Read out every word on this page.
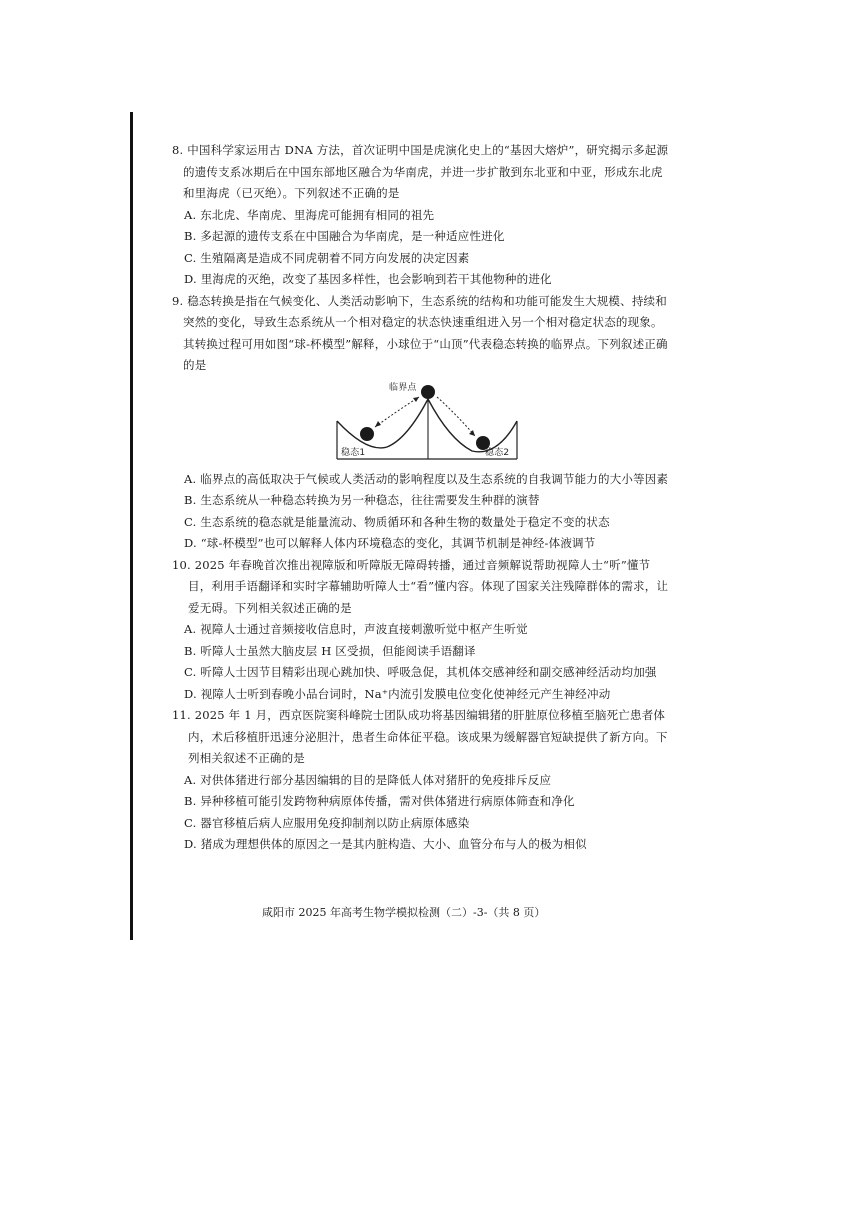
8. 中国科学家运用古 DNA 方法，首次证明中国是虎演化史上的“基因大熔炉”，研究揭示多起源的遗传支系冰期后在中国东部地区融合为华南虎，并进一步扩散到东北亚和中亚，形成东北虎和里海虎（已灭绝）。下列叙述不正确的是
A. 东北虎、华南虎、里海虎可能拥有相同的祖先
B. 多起源的遗传支系在中国融合为华南虎，是一种适应性进化
C. 生殖隔离是造成不同虎朝着不同方向发展的决定因素
D. 里海虎的灭绝，改变了基因多样性，也会影响到若干其他物种的进化
9. 稳态转换是指在气候变化、人类活动影响下，生态系统的结构和功能可能发生大规模、持续和突然的变化，导致生态系统从一个相对稳定的状态快速重组进入另一个相对稳定状态的现象。其转换过程可用如图“球-杯模型”解释，小球位于“山顶”代表稳态转换的临界点。下列叙述正确的是
临界点
稳态1	稳态2
A. 临界点的高低取决于气候或人类活动的影响程度以及生态系统的自我调节能力的大小等因素
B. 生态系统从一种稳态转换为另一种稳态，往往需要发生种群的演替
C. 生态系统的稳态就是能量流动、物质循环和各种生物的数量处于稳定不变的状态
D. “球-杯模型”也可以解释人体内环境稳态的变化，其调节机制是神经-体液调节
10. 2025 年春晚首次推出视障版和听障版无障碍转播，通过音频解说帮助视障人士“听”懂节目，利用手语翻译和实时字幕辅助听障人士“看”懂内容。体现了国家关注残障群体的需求，让爱无碍。下列相关叙述正确的是
A. 视障人士通过音频接收信息时，声波直接刺激听觉中枢产生听觉
B. 听障人士虽然大脑皮层 H 区受损，但能阅读手语翻译
C. 听障人士因节目精彩出现心跳加快、呼吸急促，其机体交感神经和副交感神经活动均加强
D. 视障人士听到春晚小品台词时，Na⁺内流引发膜电位变化使神经元产生神经冲动
11. 2025 年 1 月，西京医院窦科峰院士团队成功将基因编辑猪的肝脏原位移植至脑死亡患者体内，术后移植肝迅速分泌胆汁，患者生命体征平稳。该成果为缓解器官短缺提供了新方向。下列相关叙述不正确的是
A. 对供体猪进行部分基因编辑的目的是降低人体对猪肝的免疫排斥反应
B. 异种移植可能引发跨物种病原体传播，需对供体猪进行病原体筛查和净化
C. 器官移植后病人应服用免疫抑制剂以防止病原体感染
D. 猪成为理想供体的原因之一是其内脏构造、大小、血管分布与人的极为相似
咸阳市 2025 年高考生物学模拟检测（二）-3-（共 8 页）
